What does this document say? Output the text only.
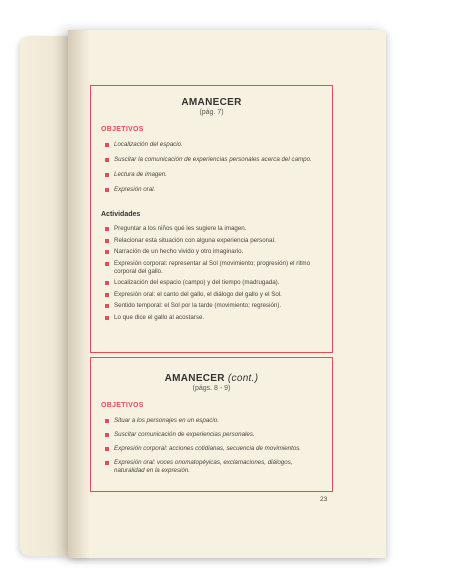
AMANECER
(pág. 7)
OBJETIVOS
Localización del espacio.
Suscitar la comunicación de experiencias personales acerca del campo.
Lectura de imagen.
Expresión oral.
Actividades
Preguntar a los niños qué les sugiere la imagen.
Relacionar esta situación con alguna experiencia personal.
Narración de un hecho vivido y otro imaginario.
Expresión corporal: representar al Sol (movimiento; progresión) el ritmo corporal del gallo.
Localización del espacio (campo) y del tiempo (madrugada).
Expresión oral: el canto del gallo, el diálogo del gallo y el Sol.
Sentido temporal: el Sol por la tarde (movimiento; regresión).
Lo que dice el gallo al acostarse.
AMANECER (cont.)
(págs. 8 - 9)
OBJETIVOS
Situar a los personajes en un espacio.
Suscitar comunicación de experiencias personales.
Expresión corporal: acciones cotidianas, secuencia de movimientos.
Expresión oral: voces onomatopéyicas, exclamaciones, diálogos, naturalidad en la expresión.
23
